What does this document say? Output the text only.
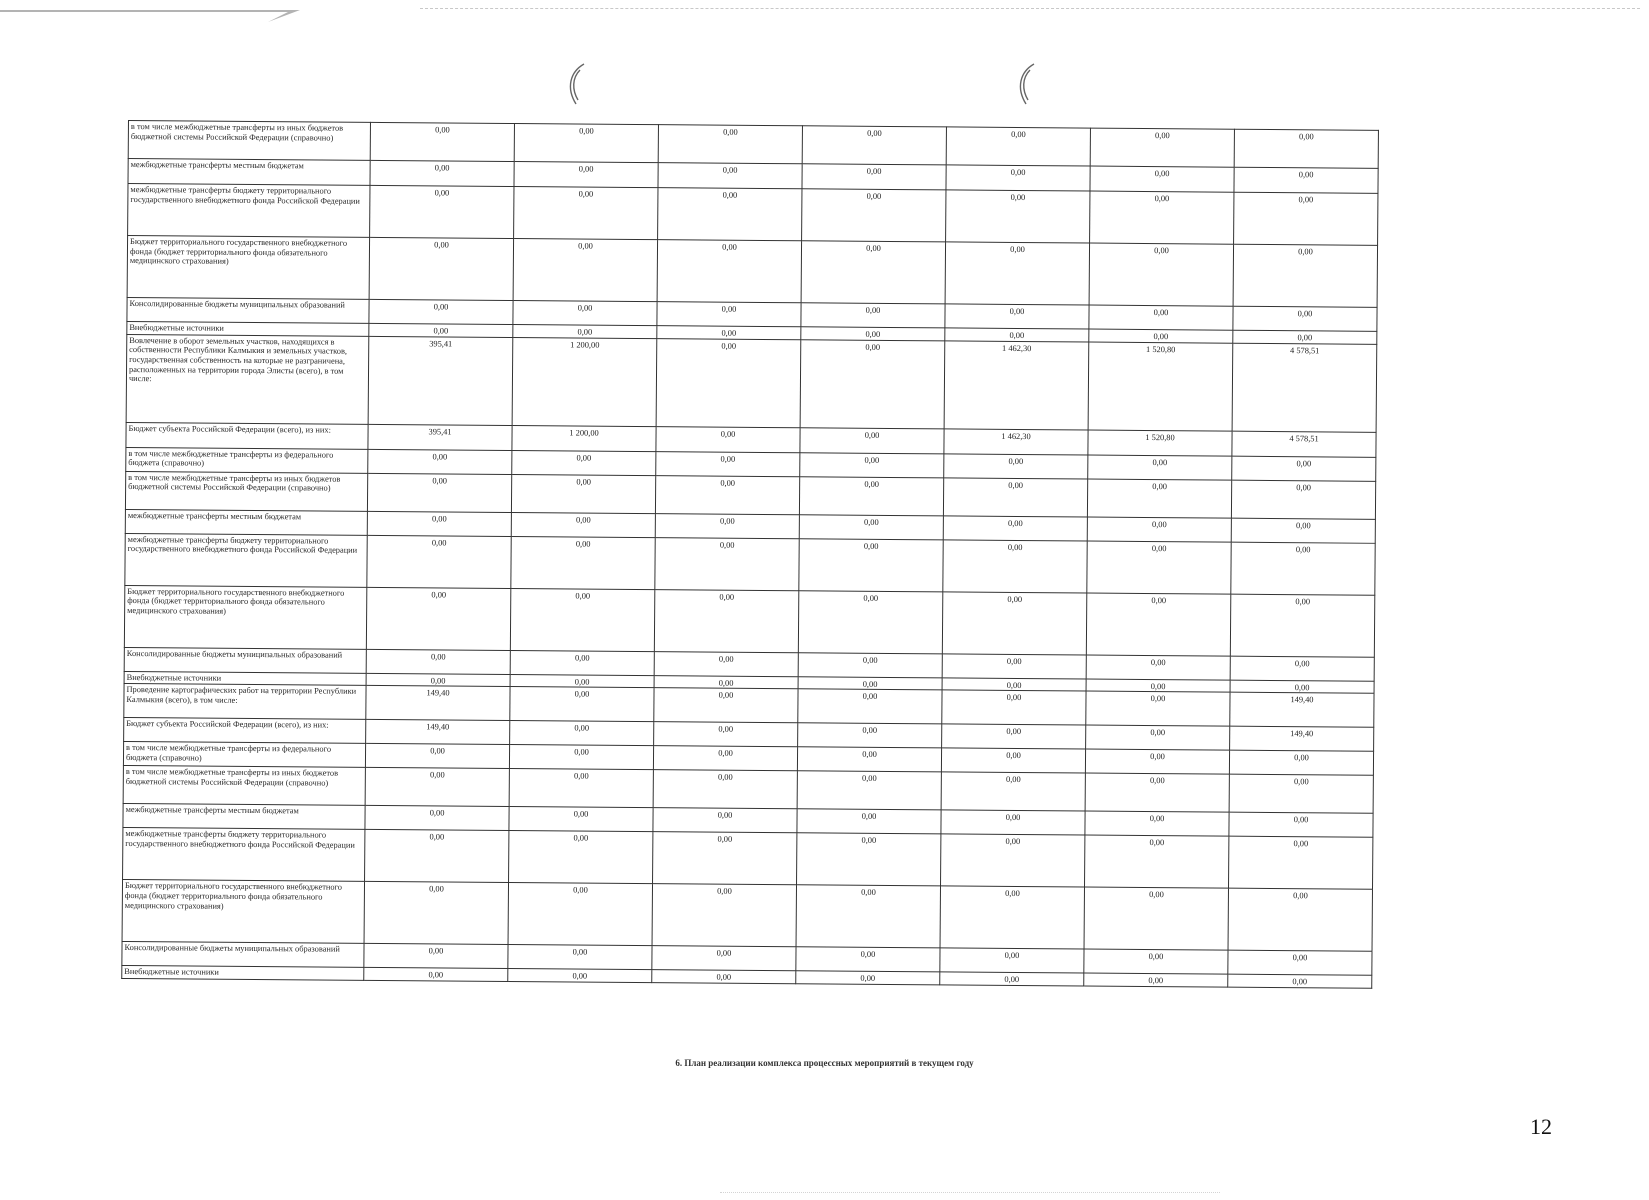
в том числе межбюджетные трансферты из иных бюджетов бюджетной системы Российской Федерации (справочно)	0,00	0,00	0,00	0,00	0,00	0,00	0,00
межбюджетные трансферты местным бюджетам	0,00	0,00	0,00	0,00	0,00	0,00	0,00
межбюджетные трансферты бюджету территориального государственного внебюджетного фонда Российской Федерации	0,00	0,00	0,00	0,00	0,00	0,00	0,00
Бюджет территориального государственного внебюджетного фонда (бюджет территориального фонда обязательного медицинского страхования)	0,00	0,00	0,00	0,00	0,00	0,00	0,00
Консолидированные бюджеты муниципальных образований	0,00	0,00	0,00	0,00	0,00	0,00	0,00
Внебюджетные источники	0,00	0,00	0,00	0,00	0,00	0,00	0,00
Вовлечение в оборот земельных участков, находящихся в собственности Республики Калмыкия и земельных участков, государственная собственность на которые не разграничена, расположенных на территории города Элисты (всего), в том числе:	395,41	1 200,00	0,00	0,00	1 462,30	1 520,80	4 578,51
Бюджет субъекта Российской Федерации (всего), из них:	395,41	1 200,00	0,00	0,00	1 462,30	1 520,80	4 578,51
в том числе межбюджетные трансферты из федерального бюджета (справочно)	0,00	0,00	0,00	0,00	0,00	0,00	0,00
в том числе межбюджетные трансферты из иных бюджетов бюджетной системы Российской Федерации (справочно)	0,00	0,00	0,00	0,00	0,00	0,00	0,00
межбюджетные трансферты местным бюджетам	0,00	0,00	0,00	0,00	0,00	0,00	0,00
межбюджетные трансферты бюджету территориального государственного внебюджетного фонда Российской Федерации	0,00	0,00	0,00	0,00	0,00	0,00	0,00
Бюджет территориального государственного внебюджетного фонда (бюджет территориального фонда обязательного медицинского страхования)	0,00	0,00	0,00	0,00	0,00	0,00	0,00
Консолидированные бюджеты муниципальных образований	0,00	0,00	0,00	0,00	0,00	0,00	0,00
Внебюджетные источники	0,00	0,00	0,00	0,00	0,00	0,00	0,00
Проведение картографических работ на территории Республики Калмыкия (всего), в том числе:	149,40	0,00	0,00	0,00	0,00	0,00	149,40
Бюджет субъекта Российской Федерации (всего), из них:	149,40	0,00	0,00	0,00	0,00	0,00	149,40
в том числе межбюджетные трансферты из федерального бюджета (справочно)	0,00	0,00	0,00	0,00	0,00	0,00	0,00
в том числе межбюджетные трансферты из иных бюджетов бюджетной системы Российской Федерации (справочно)	0,00	0,00	0,00	0,00	0,00	0,00	0,00
межбюджетные трансферты местным бюджетам	0,00	0,00	0,00	0,00	0,00	0,00	0,00
межбюджетные трансферты бюджету территориального государственного внебюджетного фонда Российской Федерации	0,00	0,00	0,00	0,00	0,00	0,00	0,00
Бюджет территориального государственного внебюджетного фонда (бюджет территориального фонда обязательного медицинского страхования)	0,00	0,00	0,00	0,00	0,00	0,00	0,00
Консолидированные бюджеты муниципальных образований	0,00	0,00	0,00	0,00	0,00	0,00	0,00
Внебюджетные источники	0,00	0,00	0,00	0,00	0,00	0,00	0,00
6. План реализации комплекса процессных мероприятий в текущем году
12
